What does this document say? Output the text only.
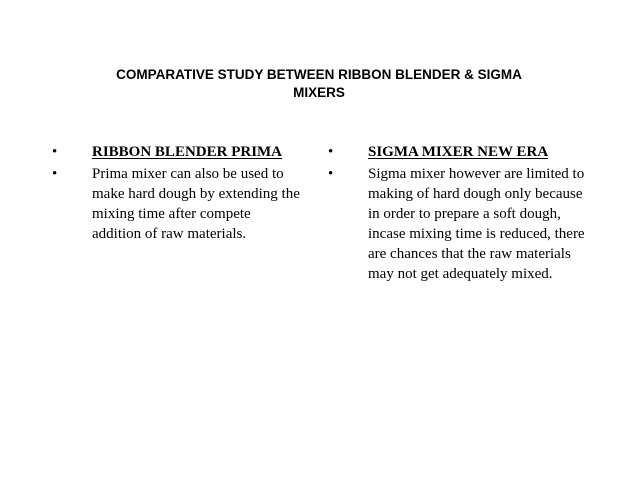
COMPARATIVE STUDY BETWEEN RIBBON BLENDER & SIGMA
MIXERS
•	RIBBON BLENDER PRIMA
•	Prima mixer can also be used to make hard dough by extending the mixing time after compete addition of raw materials.
•	SIGMA MIXER NEW ERA
•	Sigma mixer however are limited to making of hard dough only because in order to prepare a soft dough, incase mixing time is reduced, there are chances that the raw materials may not get adequately mixed.
